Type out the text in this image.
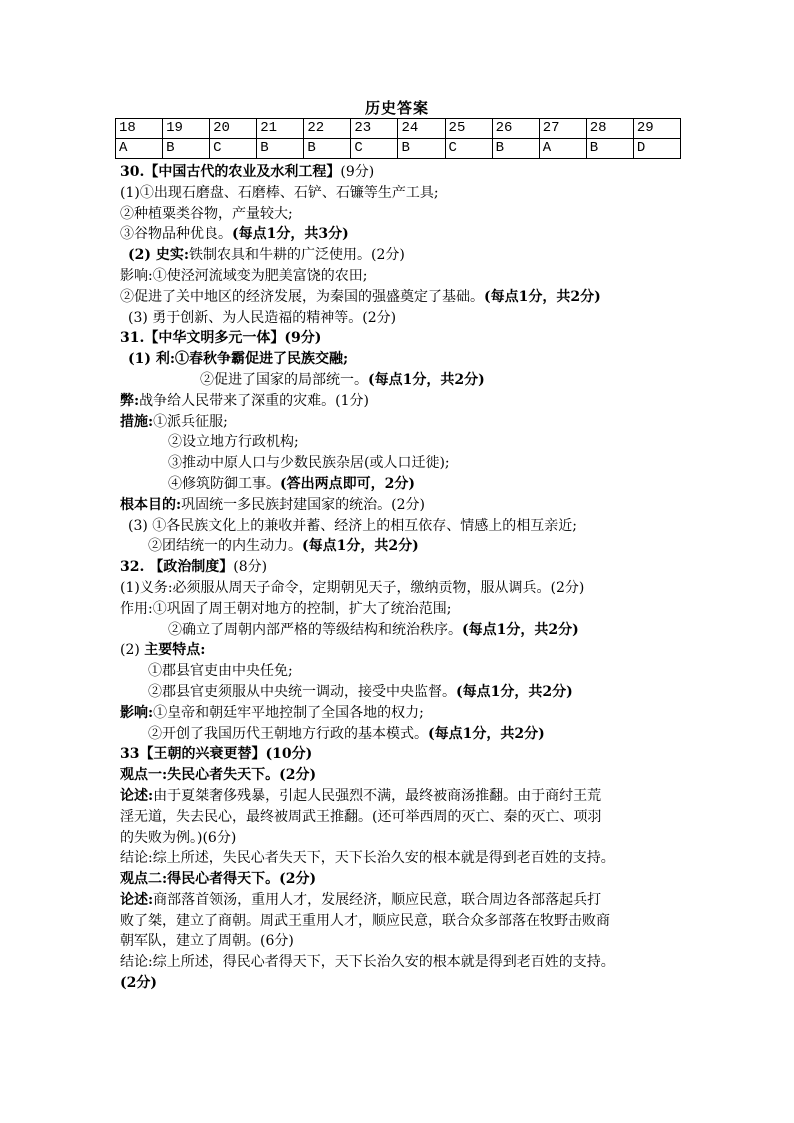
历史答案
18	19	20	21	22	23	24	25	26	27	28	29
A	B	C	B	B	C	B	C	B	A	B	D
30.【中国古代的农业及水利工程】(9分)
(1)①出现石磨盘、石磨棒、石铲、石镰等生产工具;
②种植粟类谷物，产量较大;
③谷物品种优良。(每点1分，共3分)
(2) 史实:铁制农具和牛耕的广泛使用。(2分)
影响:①使泾河流域变为肥美富饶的农田;
②促进了关中地区的经济发展，为秦国的强盛奠定了基础。(每点1分，共2分)
(3) 勇于创新、为人民造福的精神等。(2分)
31.【中华文明多元一体】(9分)
(1) 利:①春秋争霸促进了民族交融;
②促进了国家的局部统一。(每点1分，共2分)
弊:战争给人民带来了深重的灾难。(1分)
措施:①派兵征服;
②设立地方行政机构;
③推动中原人口与少数民族杂居(或人口迁徙);
④修筑防御工事。(答出两点即可，2分)
根本目的:巩固统一多民族封建国家的统治。(2分)
(3) ①各民族文化上的兼收并蓄、经济上的相互依存、情感上的相互亲近;
②团结统一的内生动力。(每点1分，共2分)
32. 【政治制度】(8分)
(1)义务:必须服从周天子命令，定期朝见天子，缴纳贡物，服从调兵。(2分)
作用:①巩固了周王朝对地方的控制，扩大了统治范围;
②确立了周朝内部严格的等级结构和统治秩序。(每点1分，共2分)
(2) 主要特点:
①郡县官吏由中央任免;
②郡县官吏须服从中央统一调动，接受中央监督。(每点1分，共2分)
影响:①皇帝和朝廷牢平地控制了全国各地的权力;
②开创了我国历代王朝地方行政的基本模式。(每点1分，共2分)
33【王朝的兴衰更替】(10分)
观点一:失民心者失天下。(2分)
论述:由于夏桀奢侈残暴，引起人民强烈不满，最终被商汤推翻。由于商纣王荒
淫无道，失去民心，最终被周武王推翻。(还可举西周的灭亡、秦的灭亡、项羽
的失败为例。)(6分)
结论:综上所述，失民心者失天下，天下长治久安的根本就是得到老百姓的支持。
观点二:得民心者得天下。(2分)
论述:商部落首领汤，重用人才，发展经济，顺应民意，联合周边各部落起兵打
败了桀，建立了商朝。周武王重用人才，顺应民意，联合众多部落在牧野击败商
朝军队，建立了周朝。(6分)
结论:综上所述，得民心者得天下，天下长治久安的根本就是得到老百姓的支持。
(2分)
